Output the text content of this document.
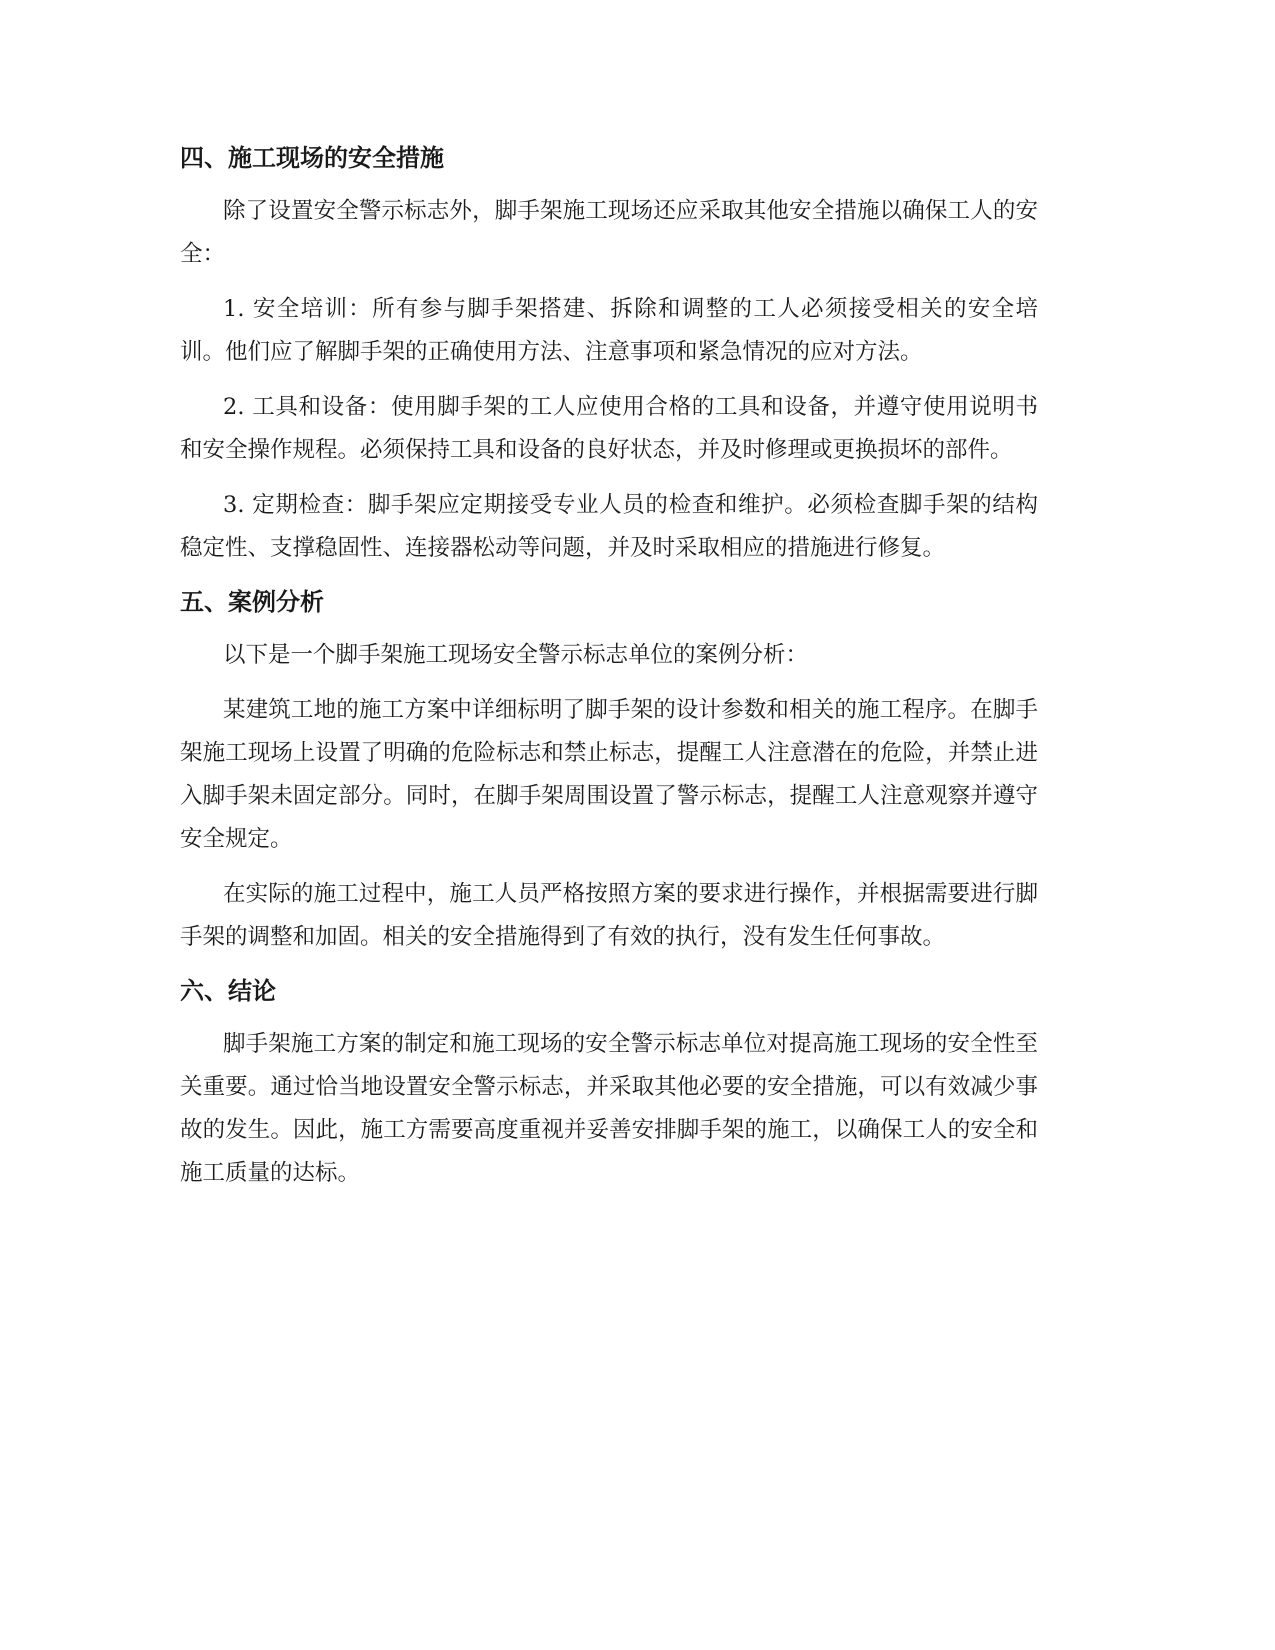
四、施工现场的安全措施

除了设置安全警示标志外，脚手架施工现场还应采取其他安全措施以确保工人的安全：

1. 安全培训：所有参与脚手架搭建、拆除和调整的工人必须接受相关的安全培训。他们应了解脚手架的正确使用方法、注意事项和紧急情况的应对方法。

2. 工具和设备：使用脚手架的工人应使用合格的工具和设备，并遵守使用说明书和安全操作规程。必须保持工具和设备的良好状态，并及时修理或更换损坏的部件。

3. 定期检查：脚手架应定期接受专业人员的检查和维护。必须检查脚手架的结构稳定性、支撑稳固性、连接器松动等问题，并及时采取相应的措施进行修复。

五、案例分析

以下是一个脚手架施工现场安全警示标志单位的案例分析：

某建筑工地的施工方案中详细标明了脚手架的设计参数和相关的施工程序。在脚手架施工现场上设置了明确的危险标志和禁止标志，提醒工人注意潜在的危险，并禁止进入脚手架未固定部分。同时，在脚手架周围设置了警示标志，提醒工人注意观察并遵守安全规定。

在实际的施工过程中，施工人员严格按照方案的要求进行操作，并根据需要进行脚手架的调整和加固。相关的安全措施得到了有效的执行，没有发生任何事故。

六、结论

脚手架施工方案的制定和施工现场的安全警示标志单位对提高施工现场的安全性至关重要。通过恰当地设置安全警示标志，并采取其他必要的安全措施，可以有效减少事故的发生。因此，施工方需要高度重视并妥善安排脚手架的施工，以确保工人的安全和施工质量的达标。
